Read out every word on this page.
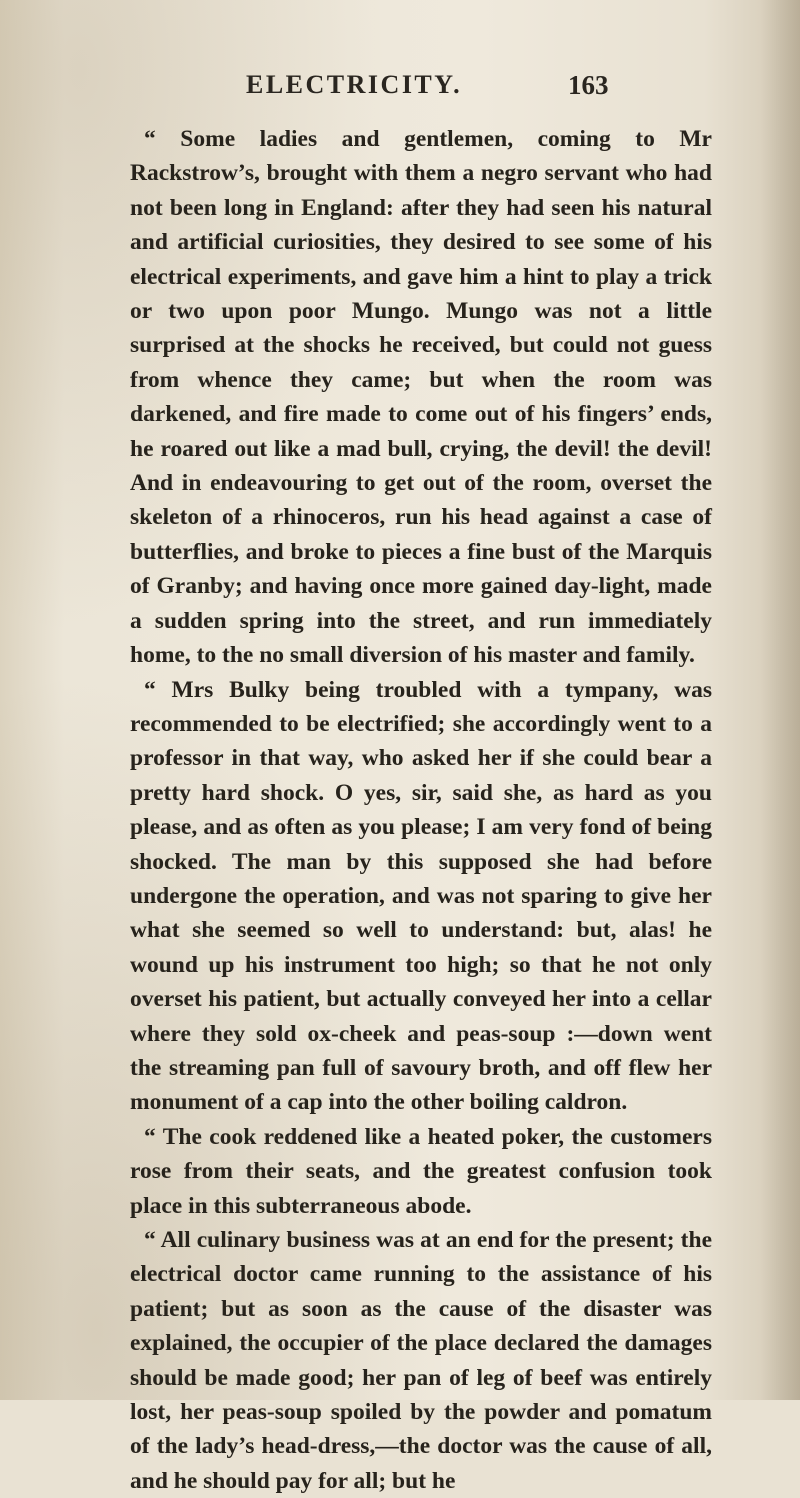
ELECTRICITY.	163

“ Some ladies and gentlemen, coming to Mr Rackstrow’s, brought with them a negro servant who had not been long in England: after they had seen his natural and artificial curiosities, they desired to see some of his electrical experiments, and gave him a hint to play a trick or two upon poor Mungo. Mungo was not a little surprised at the shocks he received, but could not guess from whence they came; but when the room was darkened, and fire made to come out of his fingers’ ends, he roared out like a mad bull, crying, the devil! the devil! And in endeavouring to get out of the room, overset the skeleton of a rhinoceros, run his head against a case of butterflies, and broke to pieces a fine bust of the Marquis of Granby; and having once more gained day-light, made a sudden spring into the street, and run immediately home, to the no small diversion of his master and family.

“ Mrs Bulky being troubled with a tympany, was recommended to be electrified; she accordingly went to a professor in that way, who asked her if she could bear a pretty hard shock. O yes, sir, said she, as hard as you please, and as often as you please; I am very fond of being shocked. The man by this supposed she had before undergone the operation, and was not sparing to give her what she seemed so well to understand: but, alas! he wound up his instrument too high; so that he not only overset his patient, but actually conveyed her into a cellar where they sold ox-cheek and peas-soup :—down went the streaming pan full of savoury broth, and off flew her monument of a cap into the other boiling caldron.

“ The cook reddened like a heated poker, the customers rose from their seats, and the greatest confusion took place in this subterraneous abode.

“ All culinary business was at an end for the present; the electrical doctor came running to the assistance of his patient; but as soon as the cause of the disaster was explained, the occupier of the place declared the damages should be made good; her pan of leg of beef was entirely lost, her peas-soup spoiled by the powder and pomatum of the lady’s head-dress,—the doctor was the cause of all, and he should pay for all; but he
